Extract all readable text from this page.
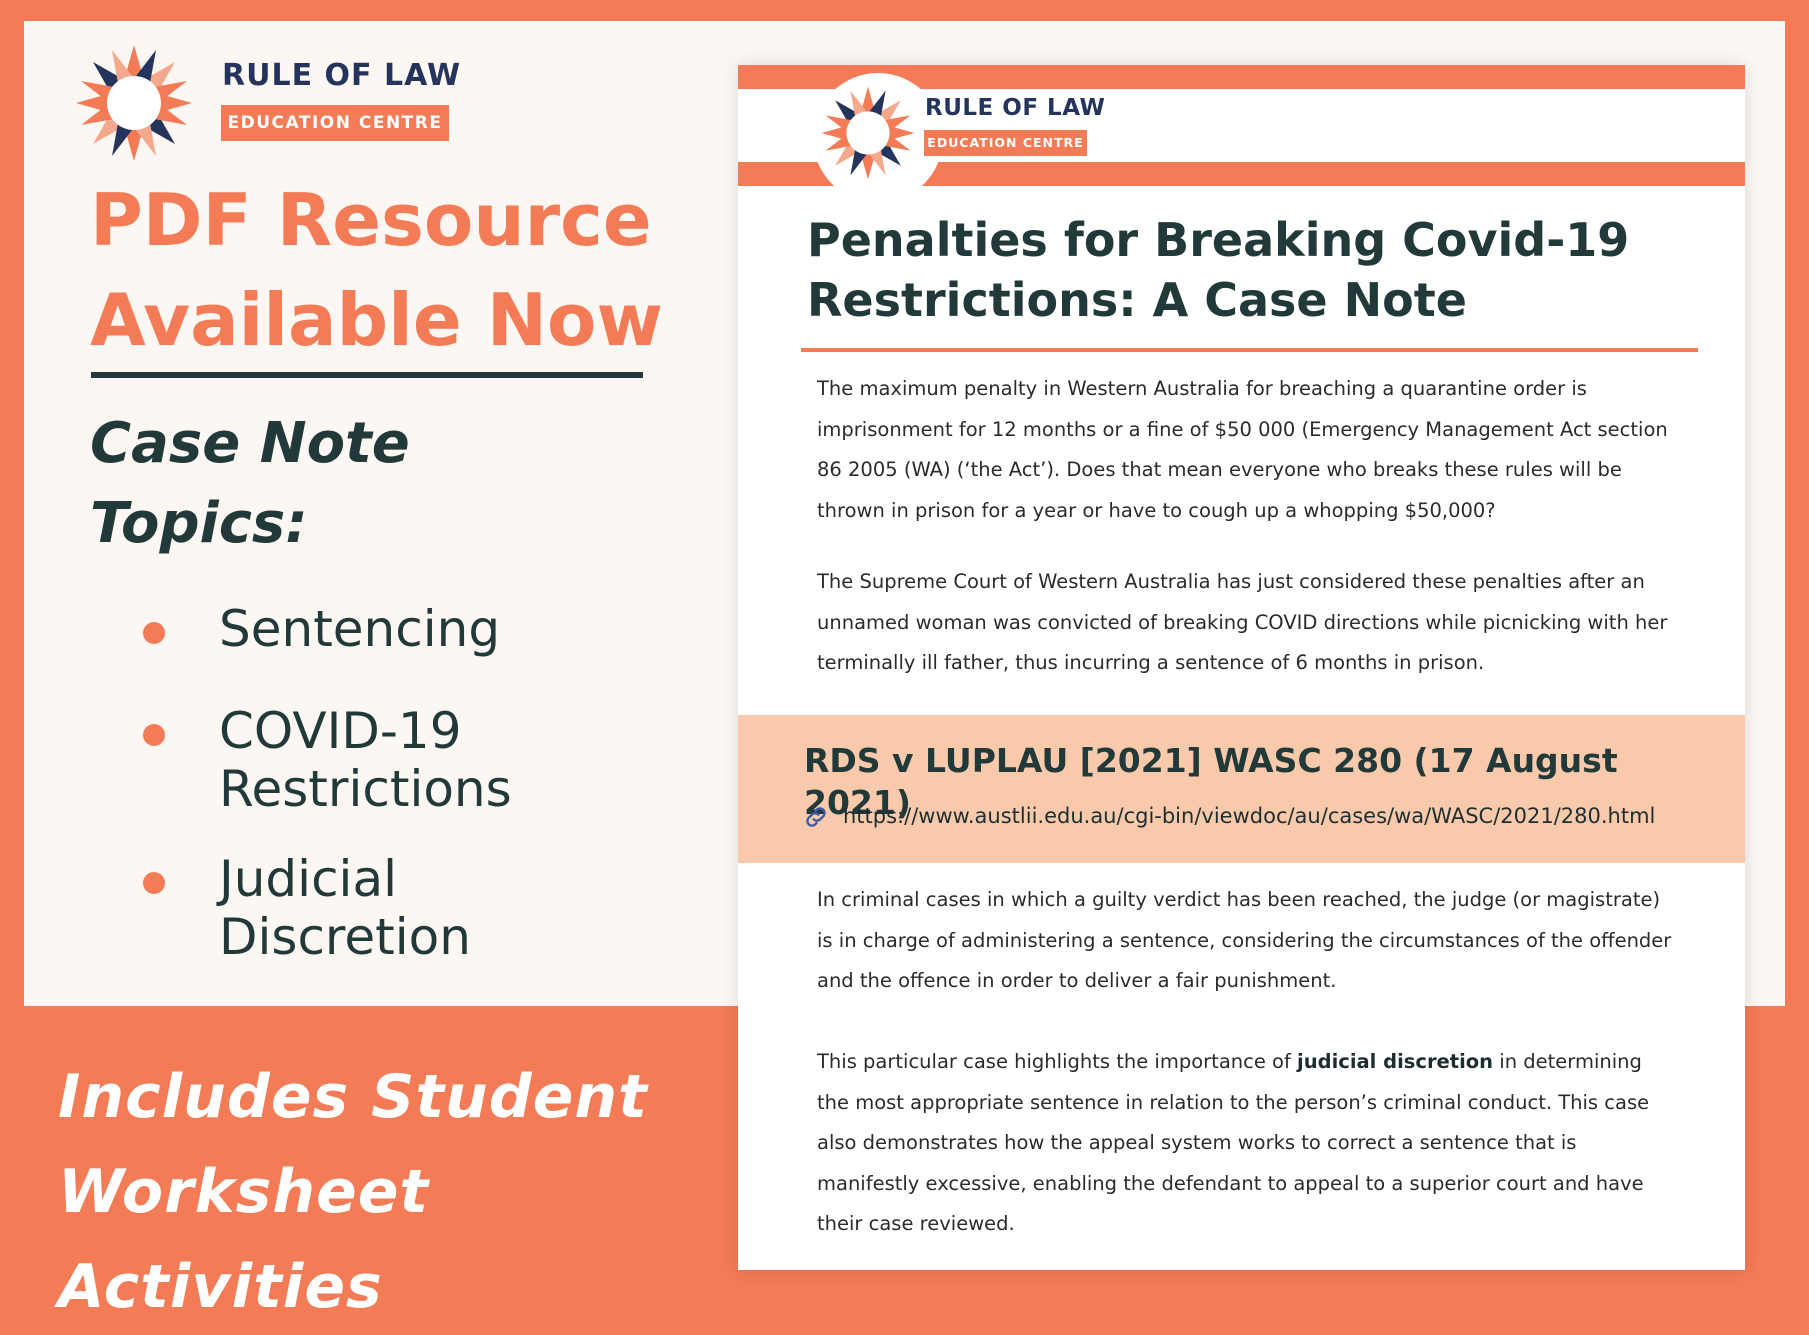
RULE OF LAW
EDUCATION CENTRE
PDF Resource Available Now
Case Note Topics:
Sentencing
COVID-19
Restrictions
Judicial
Discretion
Includes Student Worksheet Activities
RULE OF LAW
EDUCATION CENTRE
Penalties for Breaking Covid-19 Restrictions: A Case Note
The maximum penalty in Western Australia for breaching a quarantine order is imprisonment for 12 months or a fine of $50 000 (Emergency Management Act section 86 2005 (WA) (‘the Act’). Does that mean everyone who breaks these rules will be thrown in prison for a year or have to cough up a whopping $50,000?
The Supreme Court of Western Australia has just considered these penalties after an unnamed woman was convicted of breaking COVID directions while picnicking with her terminally ill father, thus incurring a sentence of 6 months in prison.
RDS v LUPLAU [2021] WASC 280 (17 August 2021)
https://www.austlii.edu.au/cgi-bin/viewdoc/au/cases/wa/WASC/2021/280.html
In criminal cases in which a guilty verdict has been reached, the judge (or magistrate) is in charge of administering a sentence, considering the circumstances of the offender and the offence in order to deliver a fair punishment.
This particular case highlights the importance of judicial discretion in determining the most appropriate sentence in relation to the person’s criminal conduct. This case also demonstrates how the appeal system works to correct a sentence that is manifestly excessive, enabling the defendant to appeal to a superior court and have their case reviewed.
